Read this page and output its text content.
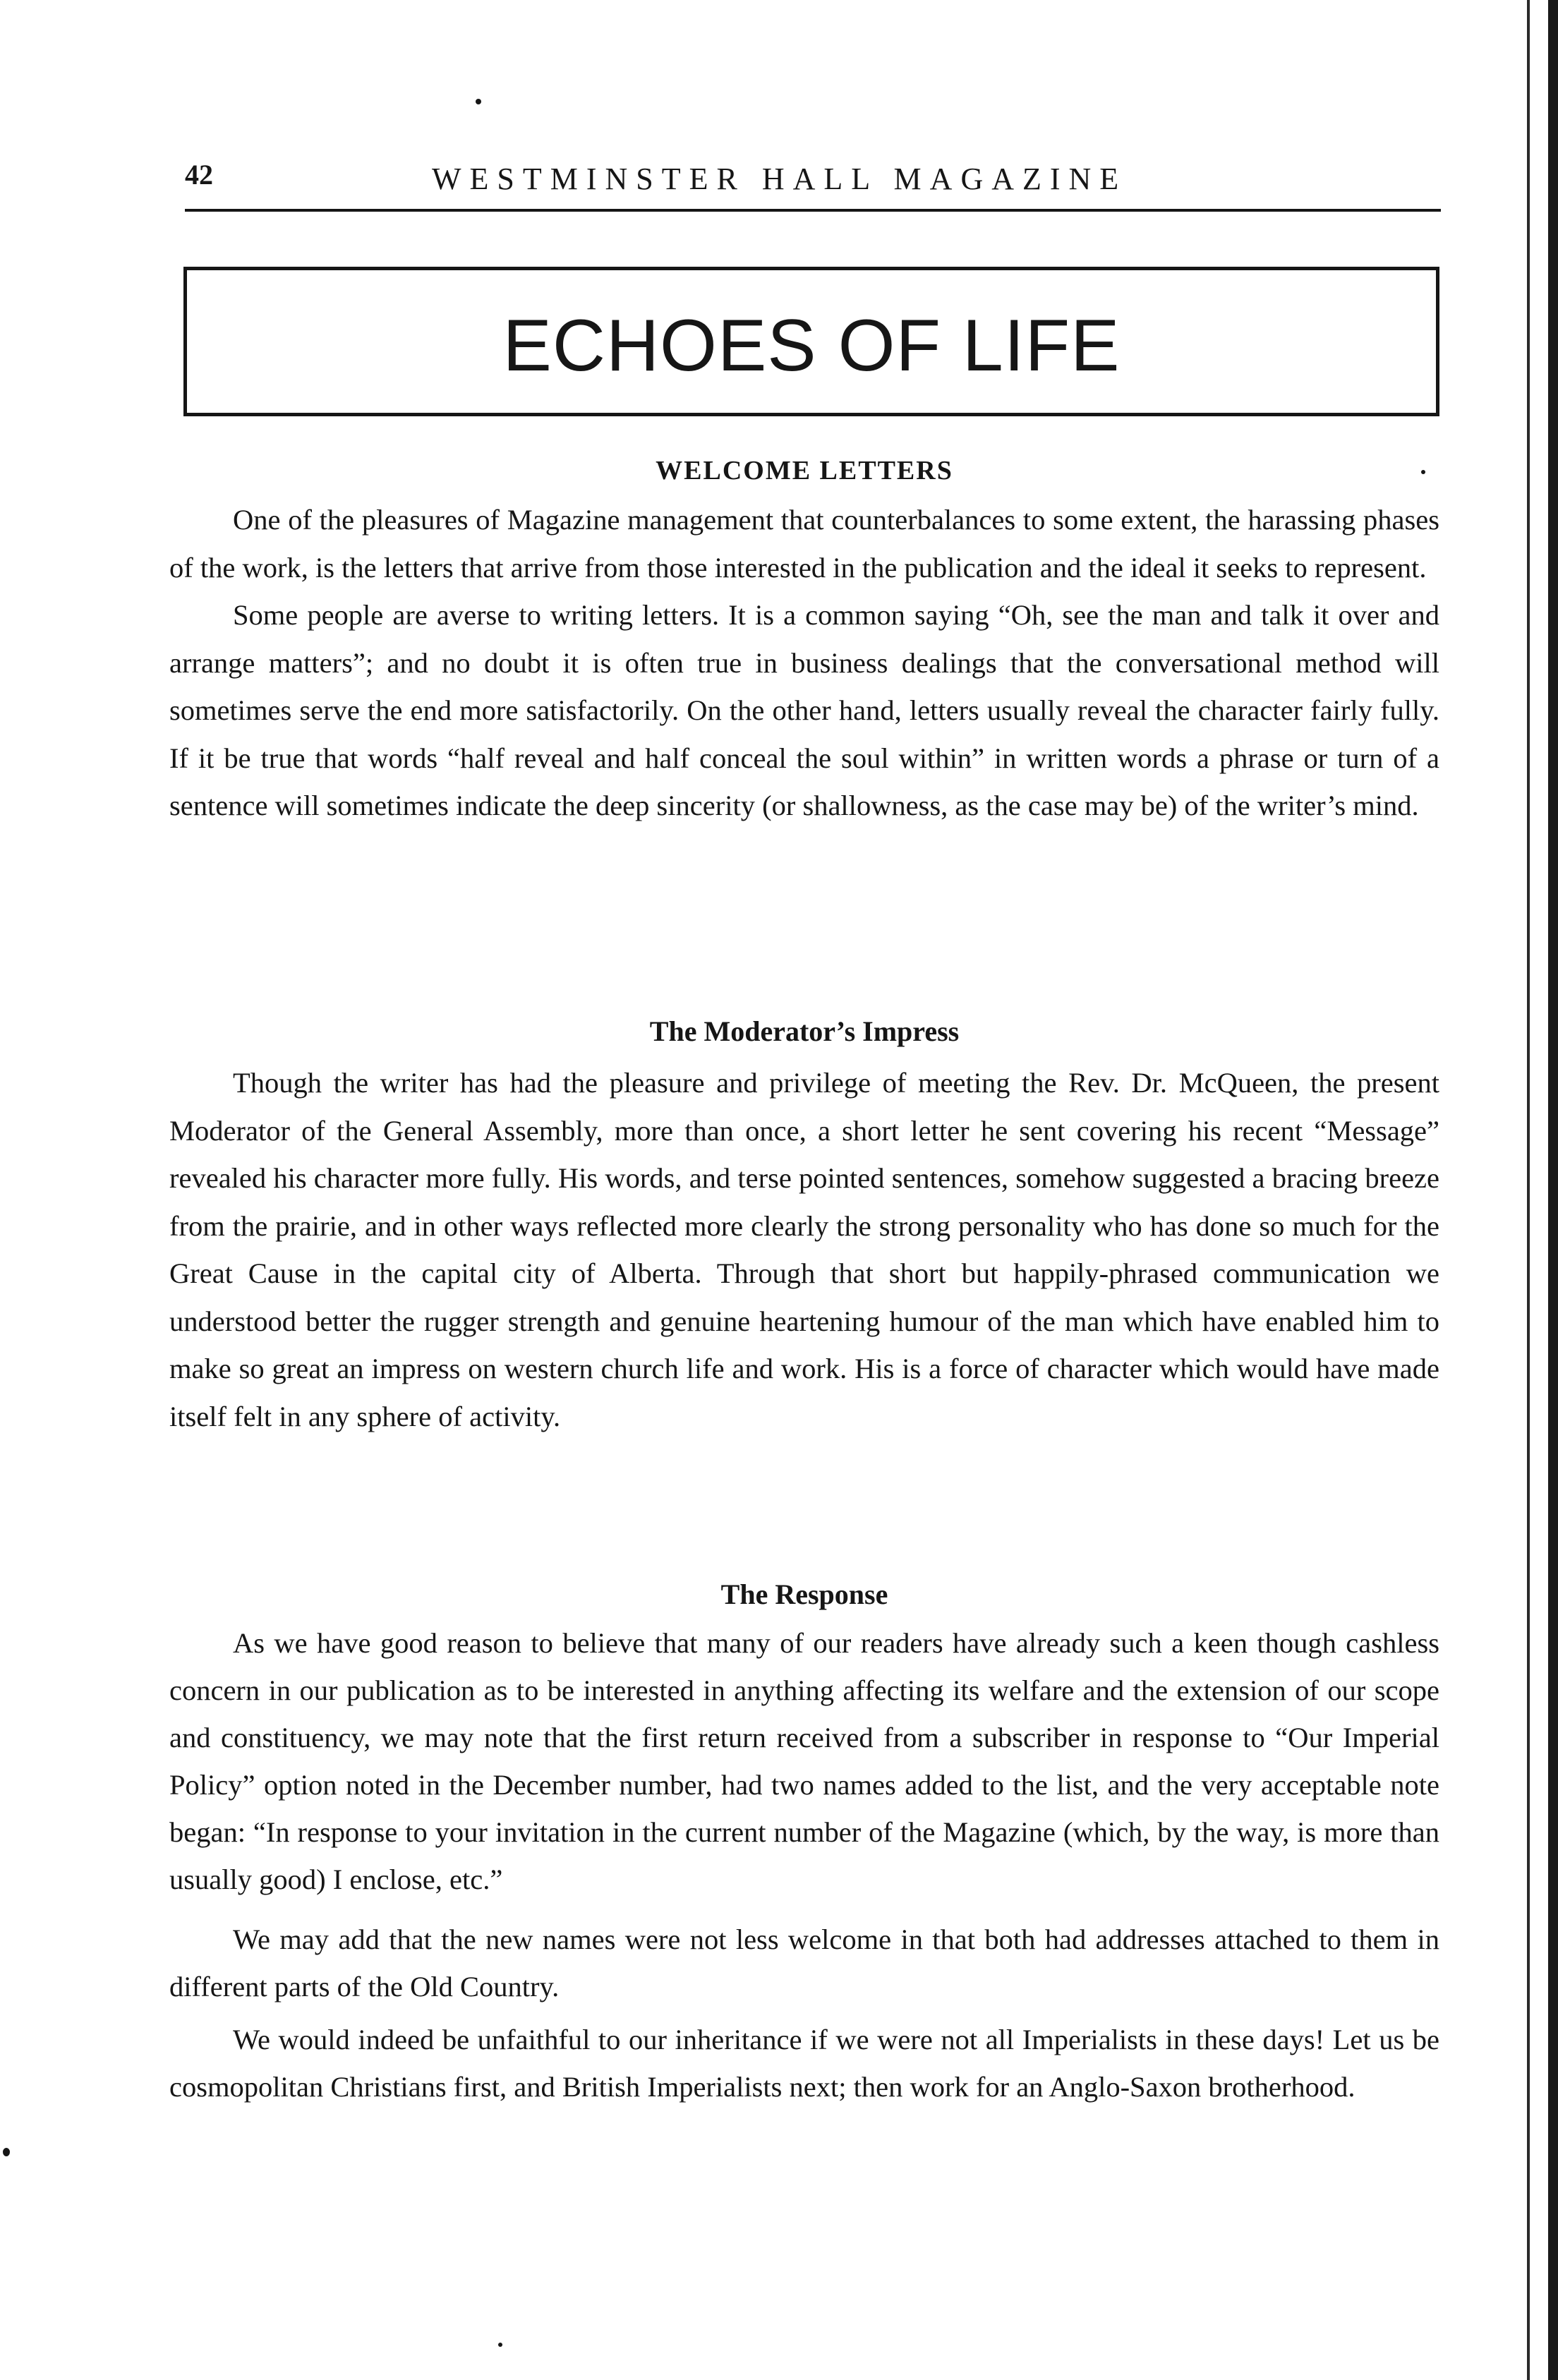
42	WESTMINSTER HALL MAGAZINE
ECHOES OF LIFE
WELCOME LETTERS

One of the pleasures of Magazine management that counterbalances to some extent, the harassing phases of the work, is the letters that arrive from those interested in the publication and the ideal it seeks to represent.

Some people are averse to writing letters. It is a common saying “Oh, see the man and talk it over and arrange matters”; and no doubt it is often true in business dealings that the conversational method will sometimes serve the end more satisfactorily. On the other hand, letters usually reveal the character fairly fully. If it be true that words “half reveal and half conceal the soul within” in written words a phrase or turn of a sentence will sometimes indicate the deep sincerity (or shallowness, as the case may be) of the writer’s mind.

The Moderator’s Impress

Though the writer has had the pleasure and privilege of meeting the Rev. Dr. McQueen, the present Moderator of the General Assembly, more than once, a short letter he sent covering his recent “Message” revealed his character more fully. His words, and terse pointed sentences, somehow suggested a bracing breeze from the prairie, and in other ways reflected more clearly the strong personality who has done so much for the Great Cause in the capital city of Alberta. Through that short but happily-phrased communication we understood better the rugger strength and genuine heartening humour of the man which have enabled him to make so great an impress on western church life and work. His is a force of character which would have made itself felt in any sphere of activity.

The Response

As we have good reason to believe that many of our readers have already such a keen though cashless concern in our publication as to be interested in anything affecting its welfare and the extension of our scope and constituency, we may note that the first return received from a subscriber in response to “Our Imperial Policy” option noted in the December number, had two names added to the list, and the very acceptable note began: “In response to your invitation in the current number of the Magazine (which, by the way, is more than usually good) I enclose, etc.”

We may add that the new names were not less welcome in that both had addresses attached to them in different parts of the Old Country.

We would indeed be unfaithful to our inheritance if we were not all Imperialists in these days! Let us be cosmopolitan Christians first, and British Imperialists next; then work for an Anglo-Saxon brotherhood.
